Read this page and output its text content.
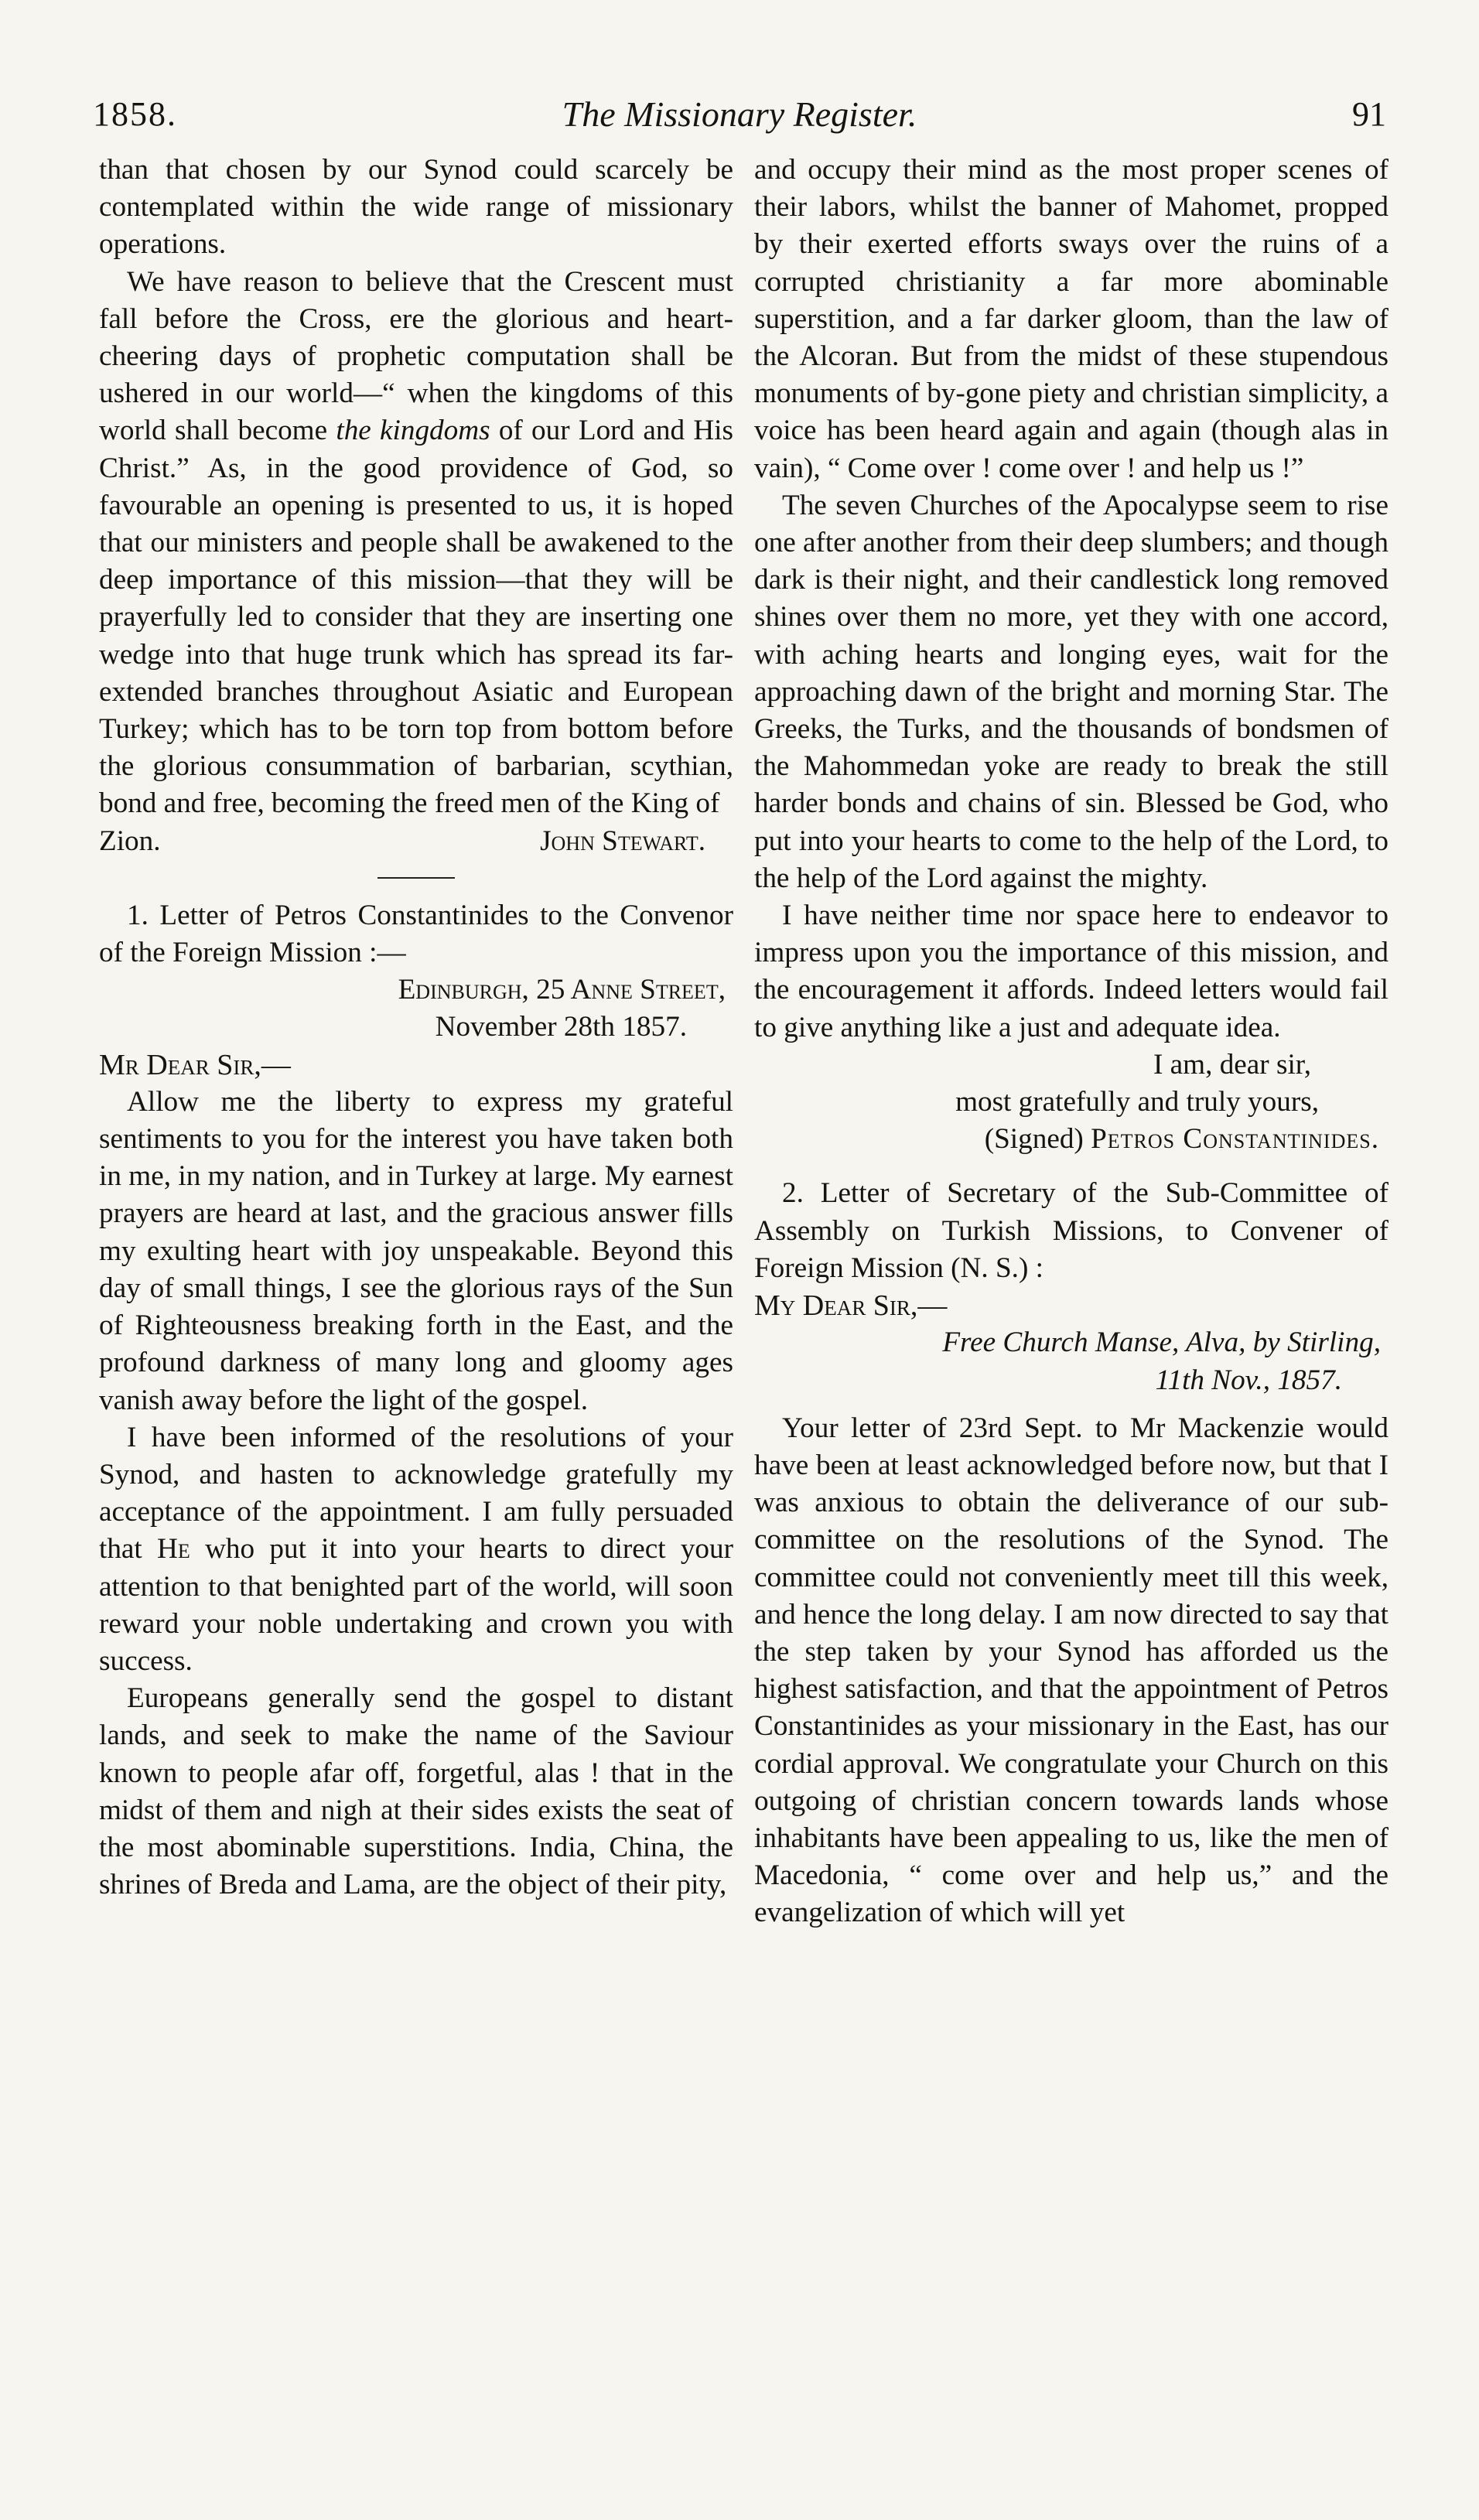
1858.	The Missionary Register.	91

than that chosen by our Synod could scarcely be contemplated within the wide range of missionary operations.

We have reason to believe that the Crescent must fall before the Cross, ere the glorious and heart-cheering days of prophetic computation shall be ushered in our world—“ when the kingdoms of this world shall become the kingdoms of our Lord and His Christ.” As, in the good providence of God, so favourable an opening is presented to us, it is hoped that our ministers and people shall be awakened to the deep importance of this mission—that they will be prayerfully led to consider that they are inserting one wedge into that huge trunk which has spread its far-extended branches throughout Asiatic and European Turkey; which has to be torn top from bottom before the glorious consummation of barbarian, scythian, bond and free, becoming the freed men of the King of

Zion.	John Stewart.

1. Letter of Petros Constantinides to the Convenor of the Foreign Mission :—

Edinburgh, 25 Anne Street,

November 28th 1857.

Mr Dear Sir,—

Allow me the liberty to express my grateful sentiments to you for the interest you have taken both in me, in my nation, and in Turkey at large. My earnest prayers are heard at last, and the gracious answer fills my exulting heart with joy unspeakable. Beyond this day of small things, I see the glorious rays of the Sun of Righteousness breaking forth in the East, and the profound darkness of many long and gloomy ages vanish away before the light of the gospel.

I have been informed of the resolutions of your Synod, and hasten to acknowledge gratefully my acceptance of the appointment. I am fully persuaded that He who put it into your hearts to direct your attention to that benighted part of the world, will soon reward your noble undertaking and crown you with success.

Europeans generally send the gospel to distant lands, and seek to make the name of the Saviour known to people afar off, forgetful, alas ! that in the midst of them and nigh at their sides exists the seat of the most abominable superstitions. India, China, the shrines of Breda and Lama, are the object of their pity,

and occupy their mind as the most proper scenes of their labors, whilst the banner of Mahomet, propped by their exerted efforts sways over the ruins of a corrupted christianity a far more abominable superstition, and a far darker gloom, than the law of the Alcoran. But from the midst of these stupendous monuments of by-gone piety and christian simplicity, a voice has been heard again and again (though alas in vain), “ Come over ! come over ! and help us !”

The seven Churches of the Apocalypse seem to rise one after another from their deep slumbers; and though dark is their night, and their candlestick long removed shines over them no more, yet they with one accord, with aching hearts and longing eyes, wait for the approaching dawn of the bright and morning Star. The Greeks, the Turks, and the thousands of bondsmen of the Mahommedan yoke are ready to break the still harder bonds and chains of sin. Blessed be God, who put into your hearts to come to the help of the Lord, to the help of the Lord against the mighty.

I have neither time nor space here to endeavor to impress upon you the importance of this mission, and the encouragement it affords. Indeed letters would fail to give anything like a just and adequate idea.

I am, dear sir,

most gratefully and truly yours,

(Signed) Petros Constantinides.

2. Letter of Secretary of the Sub-Committee of Assembly on Turkish Missions, to Convener of Foreign Mission (N. S.) :

My Dear Sir,—

Free Church Manse, Alva, by Stirling,

11th Nov., 1857.

Your letter of 23rd Sept. to Mr Mackenzie would have been at least acknowledged before now, but that I was anxious to obtain the deliverance of our sub-committee on the resolutions of the Synod. The committee could not conveniently meet till this week, and hence the long delay. I am now directed to say that the step taken by your Synod has afforded us the highest satisfaction, and that the appointment of Petros Constantinides as your missionary in the East, has our cordial approval. We congratulate your Church on this outgoing of christian concern towards lands whose inhabitants have been appealing to us, like the men of Macedonia, “ come over and help us,” and the evangelization of which will yet
